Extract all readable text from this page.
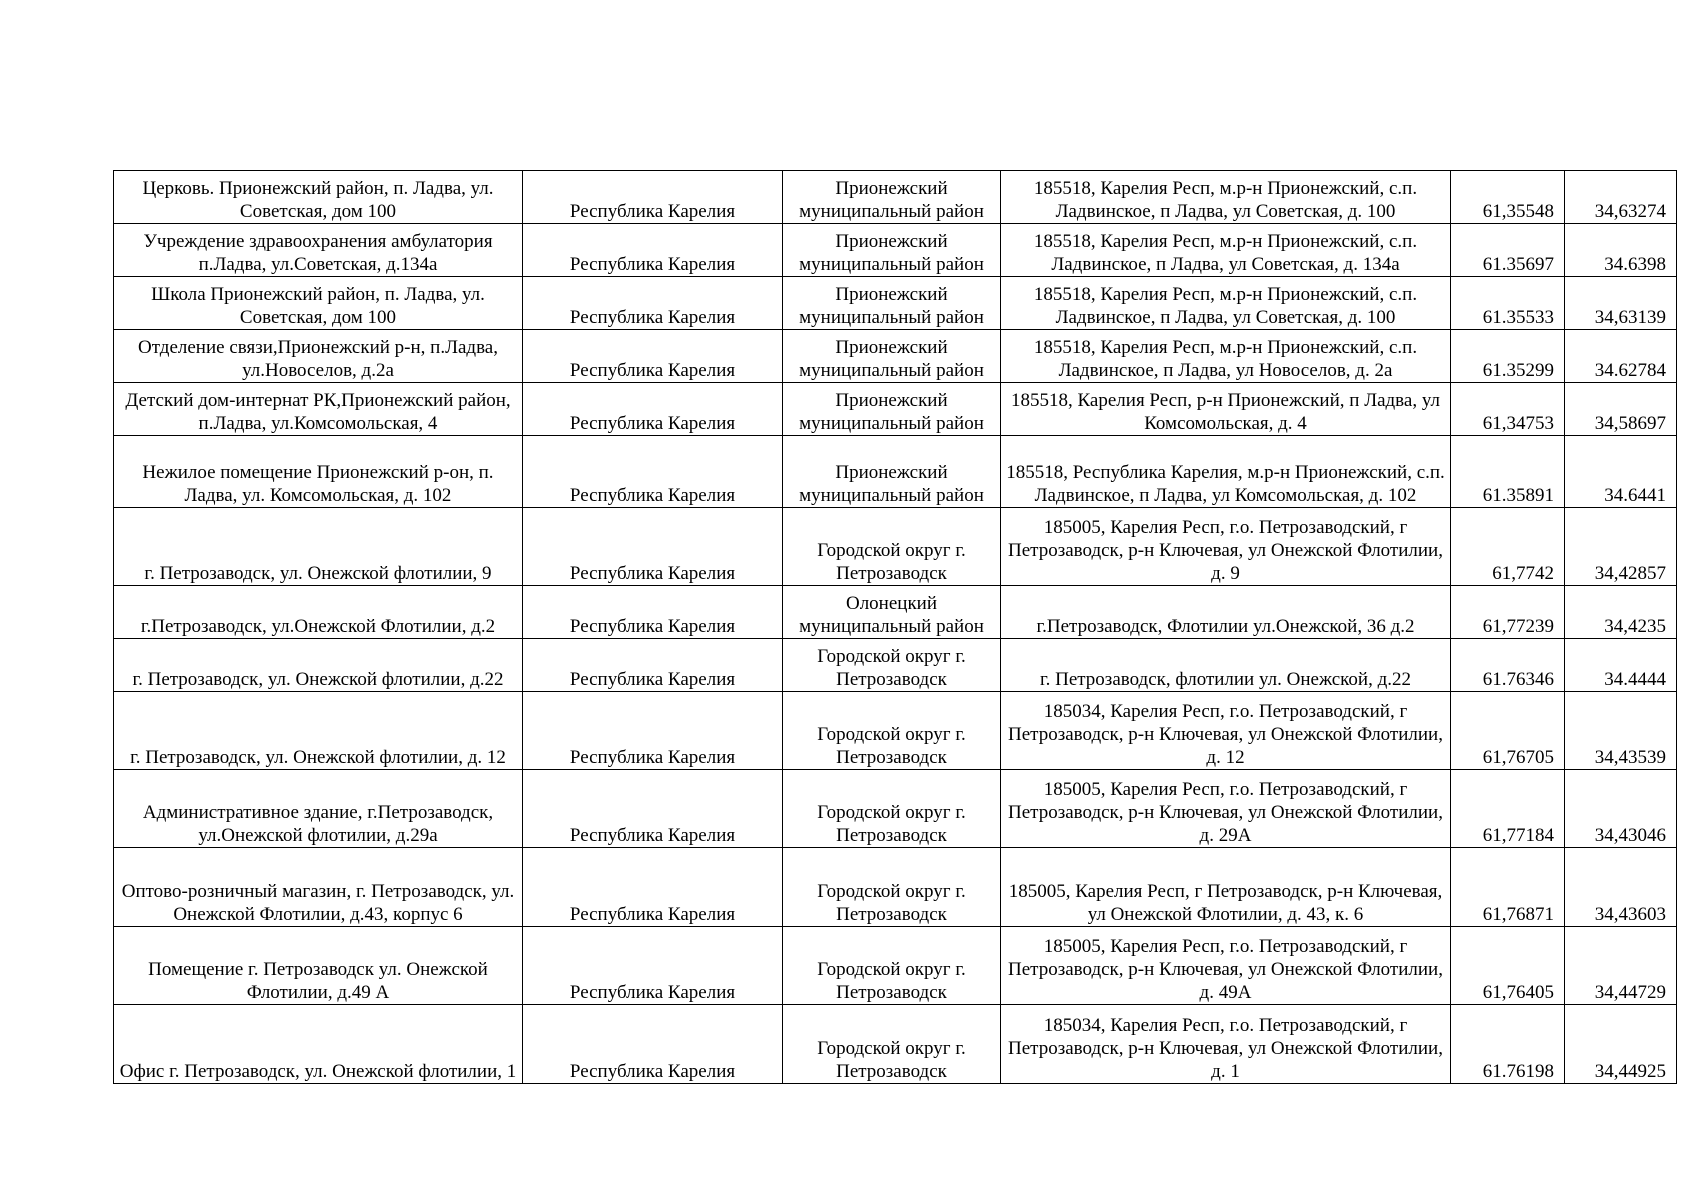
Церковь. Прионежский район, п. Ладва, ул. Советская, дом 100	Республика Карелия	Прионежский муниципальный район	185518, Карелия Респ, м.р-н Прионежский, с.п. Ладвинское, п Ладва, ул Советская, д. 100	61,35548	34,63274
Учреждение здравоохранения амбулатория п.Ладва, ул.Советская, д.134а	Республика Карелия	Прионежский муниципальный район	185518, Карелия Респ, м.р-н Прионежский, с.п. Ладвинское, п Ладва, ул Советская, д. 134а	61.35697	34.6398
Школа Прионежский район, п. Ладва, ул. Советская, дом 100	Республика Карелия	Прионежский муниципальный район	185518, Карелия Респ, м.р-н Прионежский, с.п. Ладвинское, п Ладва, ул Советская, д. 100	61.35533	34,63139
Отделение связи,Прионежский р-н, п.Ладва, ул.Новоселов, д.2а	Республика Карелия	Прионежский муниципальный район	185518, Карелия Респ, м.р-н Прионежский, с.п. Ладвинское, п Ладва, ул Новоселов, д. 2а	61.35299	34.62784
Детский дом-интернат РК,Прионежский район, п.Ладва, ул.Комсомольская, 4	Республика Карелия	Прионежский муниципальный район	185518, Карелия Респ, р-н Прионежский, п Ладва, ул Комсомольская, д. 4	61,34753	34,58697
Нежилое помещение Прионежский р-он, п. Ладва, ул. Комсомольская, д. 102	Республика Карелия	Прионежский муниципальный район	185518, Республика Карелия, м.р-н Прионежский, с.п. Ладвинское, п Ладва, ул Комсомольская, д. 102	61.35891	34.6441
г. Петрозаводск, ул. Онежской флотилии, 9	Республика Карелия	Городской округ г. Петрозаводск	185005, Карелия Респ, г.о. Петрозаводский, г Петрозаводск, р-н Ключевая, ул Онежской Флотилии, д. 9	61,7742	34,42857
г.Петрозаводск, ул.Онежской Флотилии, д.2	Республика Карелия	Олонецкий муниципальный район	г.Петрозаводск, Флотилии ул.Онежской, 36 д.2	61,77239	34,4235
г. Петрозаводск, ул. Онежской флотилии, д.22	Республика Карелия	Городской округ г. Петрозаводск	г. Петрозаводск, флотилии ул. Онежской, д.22	61.76346	34.4444
г. Петрозаводск, ул. Онежской флотилии, д. 12	Республика Карелия	Городской округ г. Петрозаводск	185034, Карелия Респ, г.о. Петрозаводский, г Петрозаводск, р-н Ключевая, ул Онежской Флотилии, д. 12	61,76705	34,43539
Административное здание, г.Петрозаводск, ул.Онежской флотилии, д.29а	Республика Карелия	Городской округ г. Петрозаводск	185005, Карелия Респ, г.о. Петрозаводский, г Петрозаводск, р-н Ключевая, ул Онежской Флотилии, д. 29А	61,77184	34,43046
Оптово-розничный магазин, г. Петрозаводск, ул. Онежской Флотилии, д.43, корпус 6	Республика Карелия	Городской округ г. Петрозаводск	185005, Карелия Респ, г Петрозаводск, р-н Ключевая, ул Онежской Флотилии, д. 43, к. 6	61,76871	34,43603
Помещение г. Петрозаводск ул. Онежской Флотилии, д.49 А	Республика Карелия	Городской округ г. Петрозаводск	185005, Карелия Респ, г.о. Петрозаводский, г Петрозаводск, р-н Ключевая, ул Онежской Флотилии, д. 49А	61,76405	34,44729
Офис г. Петрозаводск, ул. Онежской флотилии, 1	Республика Карелия	Городской округ г. Петрозаводск	185034, Карелия Респ, г.о. Петрозаводский, г Петрозаводск, р-н Ключевая, ул Онежской Флотилии, д. 1	61.76198	34,44925
